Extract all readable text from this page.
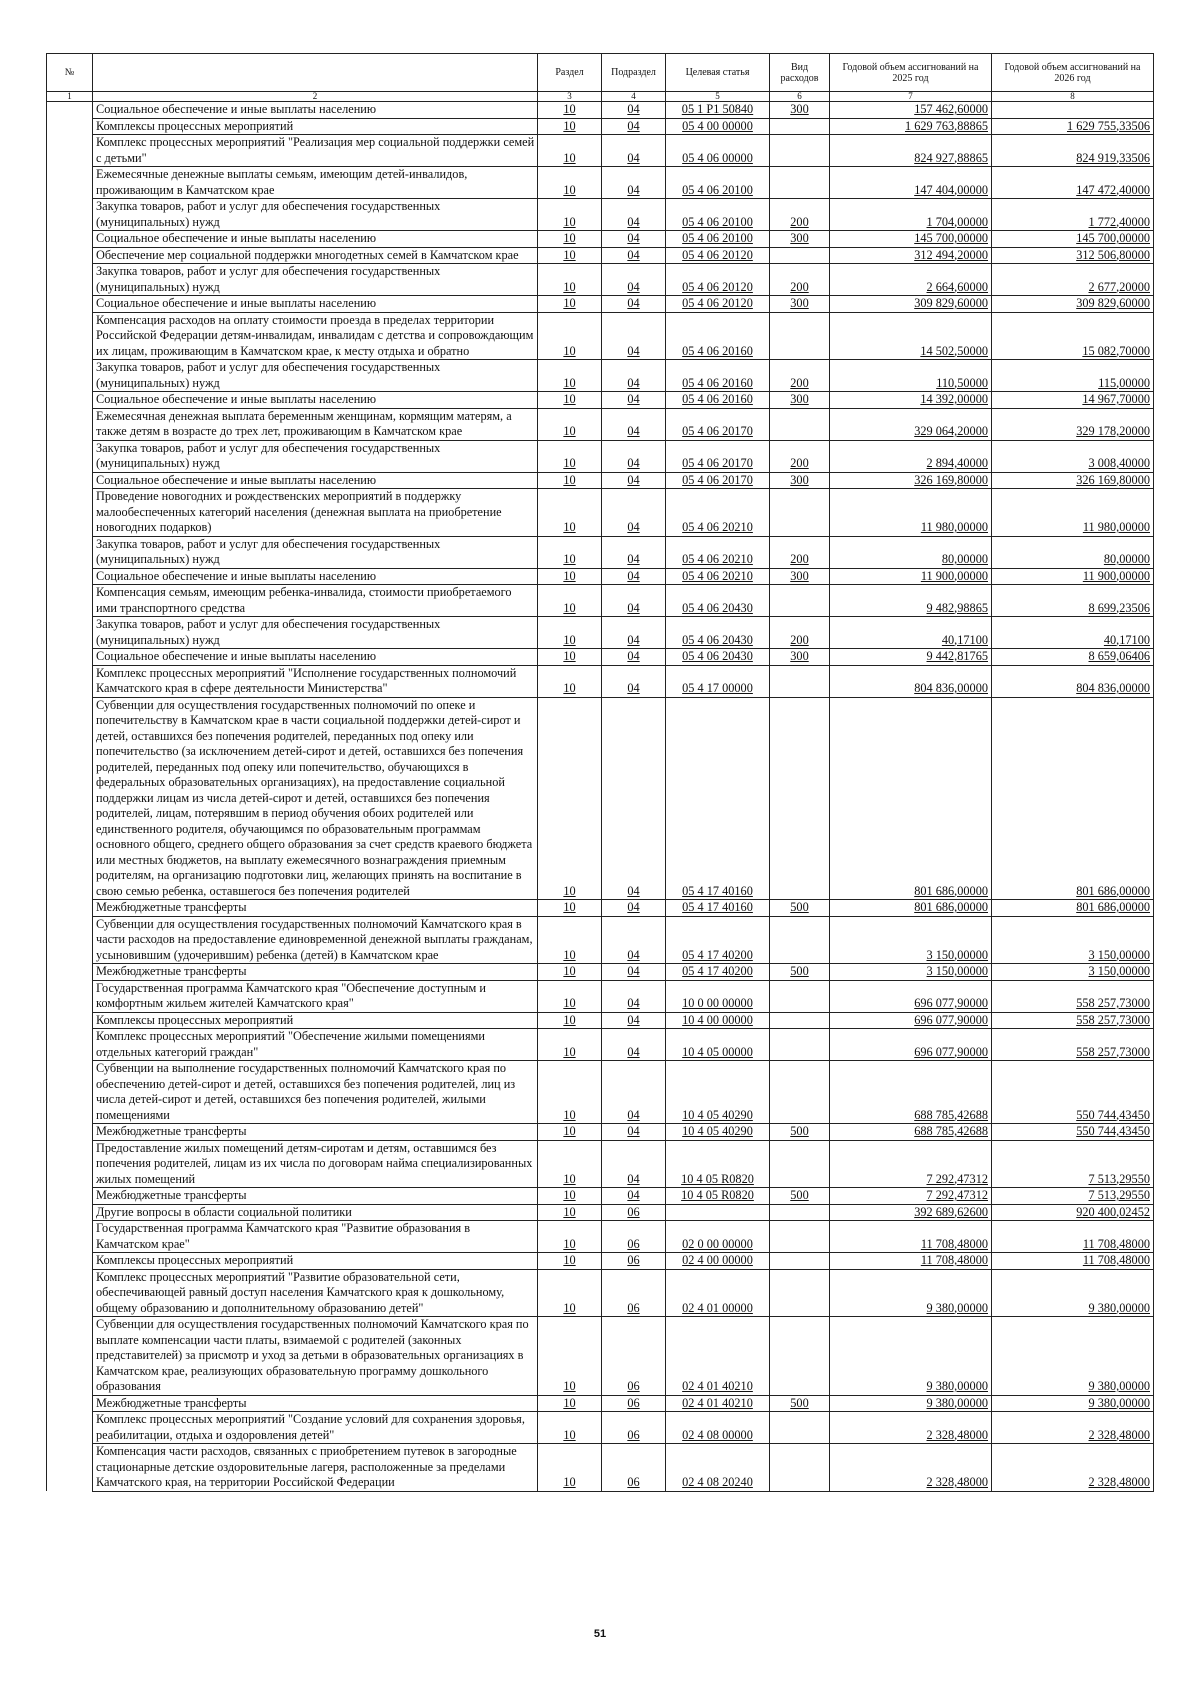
№		Раздел	Подраздел	Целевая статья	Вид расходов	Годовой объем ассигнований на 2025 год	Годовой объем ассигнований на 2026 год
1	2	3	4	5	6	7	8
	Социальное обеспечение и иные выплаты населению	10	04	05 1 Р1 50840	300	157 462,60000	
	Комплексы процессных мероприятий	10	04	05 4 00 00000		1 629 763,88865	1 629 755,33506
	Комплекс процессных мероприятий "Реализация мер социальной поддержки семей с детьми"	10	04	05 4 06 00000		824 927,88865	824 919,33506
	Ежемесячные денежные выплаты семьям, имеющим детей-инвалидов, проживающим в Камчатском крае	10	04	05 4 06 20100		147 404,00000	147 472,40000
	Закупка товаров, работ и услуг для обеспечения государственных (муниципальных) нужд	10	04	05 4 06 20100	200	1 704,00000	1 772,40000
	Социальное обеспечение и иные выплаты населению	10	04	05 4 06 20100	300	145 700,00000	145 700,00000
	Обеспечение мер социальной поддержки многодетных семей в Камчатском крае	10	04	05 4 06 20120		312 494,20000	312 506,80000
	Закупка товаров, работ и услуг для обеспечения государственных (муниципальных) нужд	10	04	05 4 06 20120	200	2 664,60000	2 677,20000
	Социальное обеспечение и иные выплаты населению	10	04	05 4 06 20120	300	309 829,60000	309 829,60000
	Компенсация расходов на оплату стоимости проезда в пределах территории Российской Федерации детям-инвалидам, инвалидам с детства и сопровождающим их лицам, проживающим в Камчатском крае, к месту отдыха и обратно	10	04	05 4 06 20160		14 502,50000	15 082,70000
	Закупка товаров, работ и услуг для обеспечения государственных (муниципальных) нужд	10	04	05 4 06 20160	200	110,50000	115,00000
	Социальное обеспечение и иные выплаты населению	10	04	05 4 06 20160	300	14 392,00000	14 967,70000
	Ежемесячная денежная выплата беременным женщинам, кормящим матерям, а также детям в возрасте до трех лет, проживающим в Камчатском крае	10	04	05 4 06 20170		329 064,20000	329 178,20000
	Закупка товаров, работ и услуг для обеспечения государственных (муниципальных) нужд	10	04	05 4 06 20170	200	2 894,40000	3 008,40000
	Социальное обеспечение и иные выплаты населению	10	04	05 4 06 20170	300	326 169,80000	326 169,80000
	Проведение новогодних и рождественских мероприятий в поддержку малообеспеченных категорий населения (денежная выплата на приобретение новогодних подарков)	10	04	05 4 06 20210		11 980,00000	11 980,00000
	Закупка товаров, работ и услуг для обеспечения государственных (муниципальных) нужд	10	04	05 4 06 20210	200	80,00000	80,00000
	Социальное обеспечение и иные выплаты населению	10	04	05 4 06 20210	300	11 900,00000	11 900,00000
	Компенсация семьям, имеющим ребенка-инвалида, стоимости приобретаемого ими транспортного средства	10	04	05 4 06 20430		9 482,98865	8 699,23506
	Закупка товаров, работ и услуг для обеспечения государственных (муниципальных) нужд	10	04	05 4 06 20430	200	40,17100	40,17100
	Социальное обеспечение и иные выплаты населению	10	04	05 4 06 20430	300	9 442,81765	8 659,06406
	Комплекс процессных мероприятий "Исполнение государственных полномочий Камчатского края в сфере деятельности Министерства"	10	04	05 4 17 00000		804 836,00000	804 836,00000
	Субвенции для осуществления государственных полномочий по опеке и попечительству в Камчатском крае в части социальной поддержки детей-сирот и детей, оставшихся без попечения родителей, переданных под опеку или попечительство (за исключением детей-сирот и детей, оставшихся без попечения родителей, переданных под опеку или попечительство, обучающихся в федеральных образовательных организациях), на предоставление социальной поддержки лицам из числа детей-сирот и детей, оставшихся без попечения родителей, лицам, потерявшим в период обучения обоих родителей или единственного родителя, обучающимся по образовательным программам основного общего, среднего общего образования за счет средств краевого бюджета или местных бюджетов, на выплату ежемесячного вознаграждения приемным родителям, на организацию подготовки лиц, желающих принять на воспитание в свою семью ребенка, оставшегося без попечения родителей	10	04	05 4 17 40160		801 686,00000	801 686,00000
	Межбюджетные трансферты	10	04	05 4 17 40160	500	801 686,00000	801 686,00000
	Субвенции для осуществления государственных полномочий Камчатского края в части расходов на предоставление единовременной денежной выплаты гражданам, усыновившим (удочерившим) ребенка (детей) в Камчатском крае	10	04	05 4 17 40200		3 150,00000	3 150,00000
	Межбюджетные трансферты	10	04	05 4 17 40200	500	3 150,00000	3 150,00000
	Государственная программа Камчатского края "Обеспечение доступным и комфортным жильем жителей Камчатского края"	10	04	10 0 00 00000		696 077,90000	558 257,73000
	Комплексы процессных мероприятий	10	04	10 4 00 00000		696 077,90000	558 257,73000
	Комплекс процессных мероприятий "Обеспечение жилыми помещениями отдельных категорий граждан"	10	04	10 4 05 00000		696 077,90000	558 257,73000
	Субвенции на выполнение государственных полномочий Камчатского края по обеспечению детей-сирот и детей, оставшихся без попечения родителей, лиц из числа детей-сирот и детей, оставшихся без попечения родителей, жилыми помещениями	10	04	10 4 05 40290		688 785,42688	550 744,43450
	Межбюджетные трансферты	10	04	10 4 05 40290	500	688 785,42688	550 744,43450
	Предоставление жилых помещений детям-сиротам и детям, оставшимся без попечения родителей, лицам из их числа по договорам найма специализированных жилых помещений	10	04	10 4 05 R0820		7 292,47312	7 513,29550
	Межбюджетные трансферты	10	04	10 4 05 R0820	500	7 292,47312	7 513,29550
	Другие вопросы в области социальной политики	10	06			392 689,62600	920 400,02452
	Государственная программа Камчатского края "Развитие образования в Камчатском крае"	10	06	02 0 00 00000		11 708,48000	11 708,48000
	Комплексы процессных мероприятий	10	06	02 4 00 00000		11 708,48000	11 708,48000
	Комплекс процессных мероприятий "Развитие образовательной сети, обеспечивающей равный доступ населения Камчатского края к дошкольному, общему образованию и дополнительному образованию детей"	10	06	02 4 01 00000		9 380,00000	9 380,00000
	Субвенции для осуществления государственных полномочий Камчатского края по выплате компенсации части платы, взимаемой с родителей (законных представителей) за присмотр и уход за детьми в образовательных организациях в Камчатском крае, реализующих образовательную программу дошкольного образования	10	06	02 4 01 40210		9 380,00000	9 380,00000
	Межбюджетные трансферты	10	06	02 4 01 40210	500	9 380,00000	9 380,00000
	Комплекс процессных мероприятий "Создание условий для сохранения здоровья, реабилитации, отдыха и оздоровления детей"	10	06	02 4 08 00000		2 328,48000	2 328,48000
	Компенсация части расходов, связанных с приобретением путевок в загородные стационарные детские оздоровительные лагеря, расположенные за пределами Камчатского края, на территории Российской Федерации	10	06	02 4 08 20240		2 328,48000	2 328,48000
51
